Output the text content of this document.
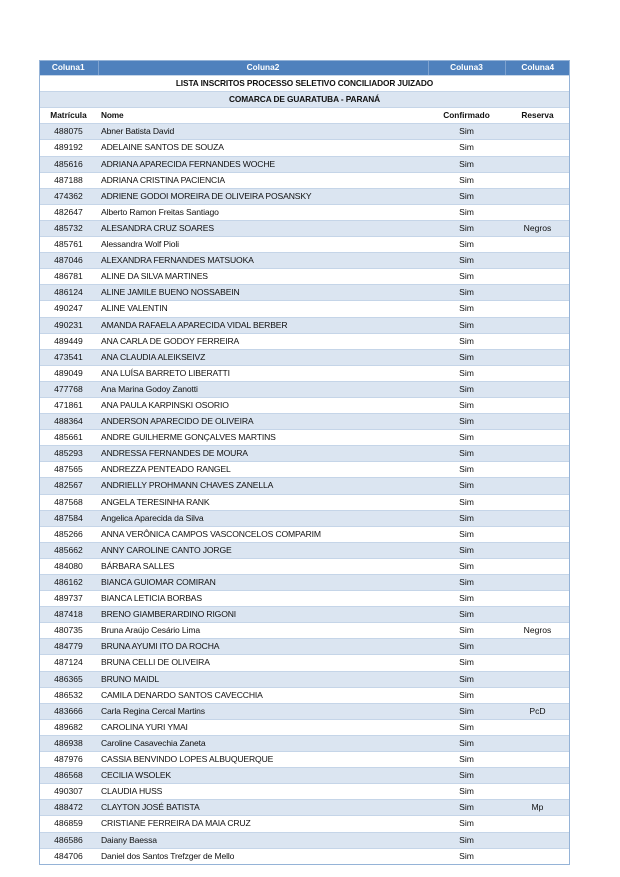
Coluna1	Coluna2	Coluna3	Coluna4
LISTA INSCRITOS PROCESSO SELETIVO CONCILIADOR JUIZADO			
COMARCA DE GUARATUBA - PARANÁ			
Matrícula	Nome	Confirmado	Reserva
488075	Abner Batista David	Sim	
489192	ADELAINE SANTOS DE SOUZA	Sim	
485616	ADRIANA APARECIDA FERNANDES WOCHE	Sim	
487188	ADRIANA CRISTINA PACIENCIA	Sim	
474362	ADRIENE GODOI MOREIRA DE OLIVEIRA POSANSKY	Sim	
482647	Alberto Ramon Freitas Santiago	Sim	
485732	ALESANDRA CRUZ SOARES	Sim	Negros
485761	Alessandra Wolf Pioli	Sim	
487046	ALEXANDRA FERNANDES MATSUOKA	Sim	
486781	ALINE DA SILVA MARTINES	Sim	
486124	ALINE JAMILE BUENO NOSSABEIN	Sim	
490247	ALINE VALENTIN	Sim	
490231	AMANDA RAFAELA APARECIDA VIDAL BERBER	Sim	
489449	ANA CARLA DE GODOY FERREIRA	Sim	
473541	ANA CLAUDIA ALEIKSEIVZ	Sim	
489049	ANA LUÍSA BARRETO LIBERATTI	Sim	
477768	Ana Marina Godoy Zanotti	Sim	
471861	ANA PAULA KARPINSKI OSORIO	Sim	
488364	ANDERSON APARECIDO DE OLIVEIRA	Sim	
485661	ANDRE GUILHERME GONÇALVES MARTINS	Sim	
485293	ANDRESSA FERNANDES DE MOURA	Sim	
487565	ANDREZZA PENTEADO RANGEL	Sim	
482567	ANDRIELLY PROHMANN CHAVES ZANELLA	Sim	
487568	ANGELA TERESINHA RANK	Sim	
487584	Angelica Aparecida da Silva	Sim	
485266	ANNA VERÔNICA CAMPOS VASCONCELOS COMPARIM	Sim	
485662	ANNY CAROLINE CANTO JORGE	Sim	
484080	BÁRBARA SALLES	Sim	
486162	BIANCA GUIOMAR COMIRAN	Sim	
489737	BIANCA LETICIA BORBAS	Sim	
487418	BRENO GIAMBERARDINO RIGONI	Sim	
480735	Bruna Araújo Cesário Lima	Sim	Negros
484779	BRUNA AYUMI ITO DA ROCHA	Sim	
487124	BRUNA CELLI DE OLIVEIRA	Sim	
486365	BRUNO MAIDL	Sim	
486532	CAMILA DENARDO SANTOS CAVECCHIA	Sim	
483666	Carla Regina Cercal Martins	Sim	PcD
489682	CAROLINA YURI YMAI	Sim	
486938	Caroline Casavechia Zaneta	Sim	
487976	CASSIA BENVINDO LOPES ALBUQUERQUE	Sim	
486568	CECILIA WSOLEK	Sim	
490307	CLAUDIA HUSS	Sim	
488472	CLAYTON JOSÉ BATISTA	Sim	Mp
486859	CRISTIANE FERREIRA DA MAIA CRUZ	Sim	
486586	Daiany Baessa	Sim	
484706	Daniel dos Santos Trefzger de Mello	Sim	
